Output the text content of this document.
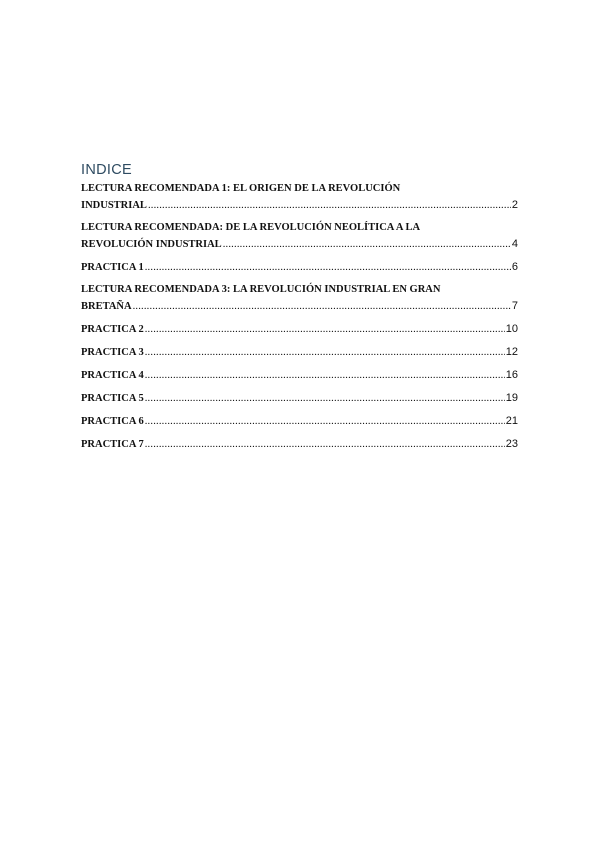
INDICE
LECTURA RECOMENDADA 1: EL ORIGEN DE LA REVOLUCIÓN
INDUSTRIAL .....	2
LECTURA RECOMENDADA: DE LA REVOLUCIÓN NEOLÍTICA A LA
REVOLUCIÓN INDUSTRIAL .....	4
PRACTICA 1 .....	6
LECTURA RECOMENDADA 3: LA REVOLUCIÓN INDUSTRIAL EN GRAN
BRETAÑA .....	7
PRACTICA 2 .....	10
PRACTICA 3 .....	12
PRACTICA 4 .....	16
PRACTICA 5 .....	19
PRACTICA 6 .....	21
PRACTICA 7 .....	23
